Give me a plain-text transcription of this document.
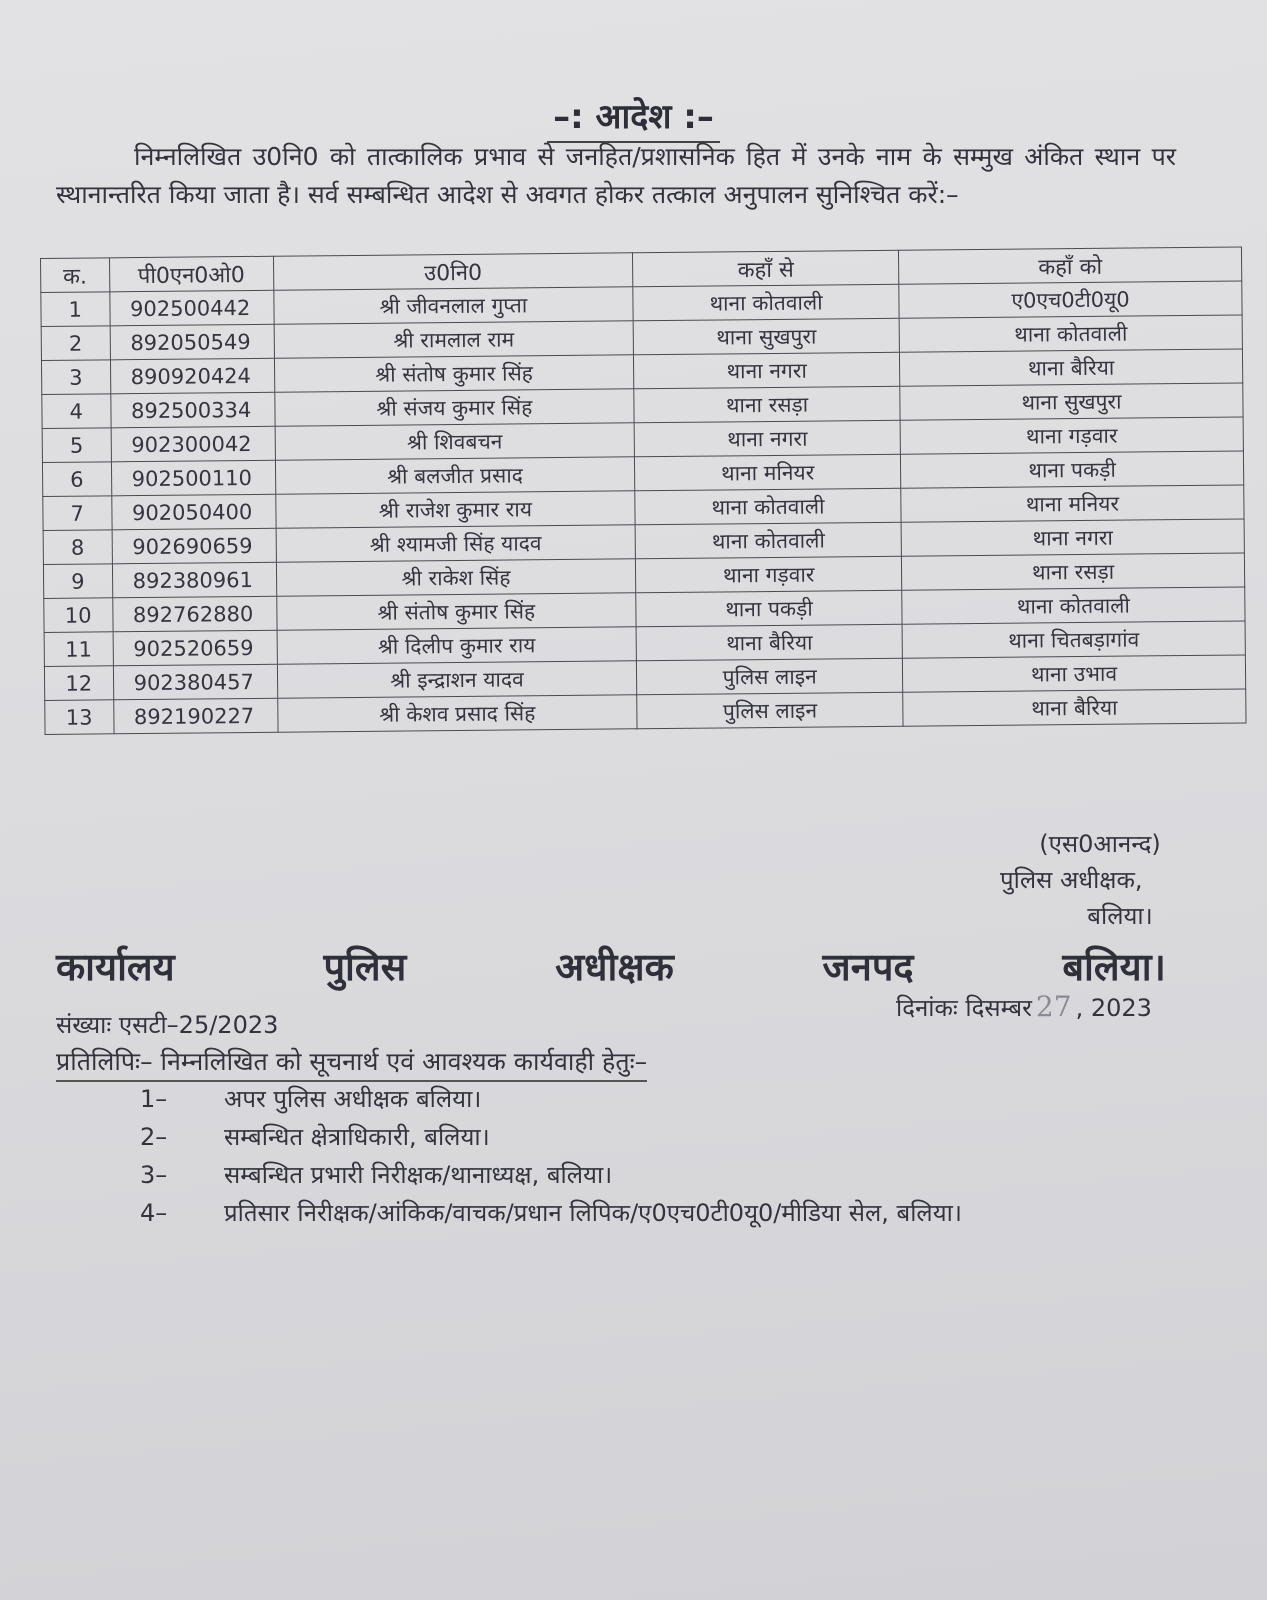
–: आदेश :–
निम्नलिखित उ0नि0 को तात्कालिक प्रभाव से जनहित/प्रशासनिक हित में उनके नाम के सम्मुख अंकित स्थान पर स्थानान्तरित किया जाता है। सर्व सम्बन्धित आदेश से अवगत होकर तत्काल अनुपालन सुनिश्चित करें:–
क.	पी0एन0ओ0	उ0नि0	कहाँ से	कहाँ को
1	902500442	श्री जीवनलाल गुप्ता	थाना कोतवाली	ए0एच0टी0यू0
2	892050549	श्री रामलाल राम	थाना सुखपुरा	थाना कोतवाली
3	890920424	श्री संतोष कुमार सिंह	थाना नगरा	थाना बैरिया
4	892500334	श्री संजय कुमार सिंह	थाना रसड़ा	थाना सुखपुरा
5	902300042	श्री शिवबचन	थाना नगरा	थाना गड़वार
6	902500110	श्री बलजीत प्रसाद	थाना मनियर	थाना पकड़ी
7	902050400	श्री राजेश कुमार राय	थाना कोतवाली	थाना मनियर
8	902690659	श्री श्यामजी सिंह यादव	थाना कोतवाली	थाना नगरा
9	892380961	श्री राकेश सिंह	थाना गड़वार	थाना रसड़ा
10	892762880	श्री संतोष कुमार सिंह	थाना पकड़ी	थाना कोतवाली
11	902520659	श्री दिलीप कुमार राय	थाना बैरिया	थाना चितबड़ागांव
12	902380457	श्री इन्द्राशन यादव	पुलिस लाइन	थाना उभाव
13	892190227	श्री केशव प्रसाद सिंह	पुलिस लाइन	थाना बैरिया
(एस0आनन्द)
पुलिस अधीक्षक,
बलिया।
कार्यालय	पुलिस	अधीक्षक	जनपद	बलिया।
संख्याः एसटी–25/2023
दिनांकः दिसम्बर 27 , 2023
प्रतिलिपिः– निम्नलिखित को सूचनार्थ एवं आवश्यक कार्यवाही हेतुः–
1–	अपर पुलिस अधीक्षक बलिया।
2–	सम्बन्धित क्षेत्राधिकारी, बलिया।
3–	सम्बन्धित प्रभारी निरीक्षक/थानाध्यक्ष, बलिया।
4–	प्रतिसार निरीक्षक/आंकिक/वाचक/प्रधान लिपिक/ए0एच0टी0यू0/मीडिया सेल, बलिया।
